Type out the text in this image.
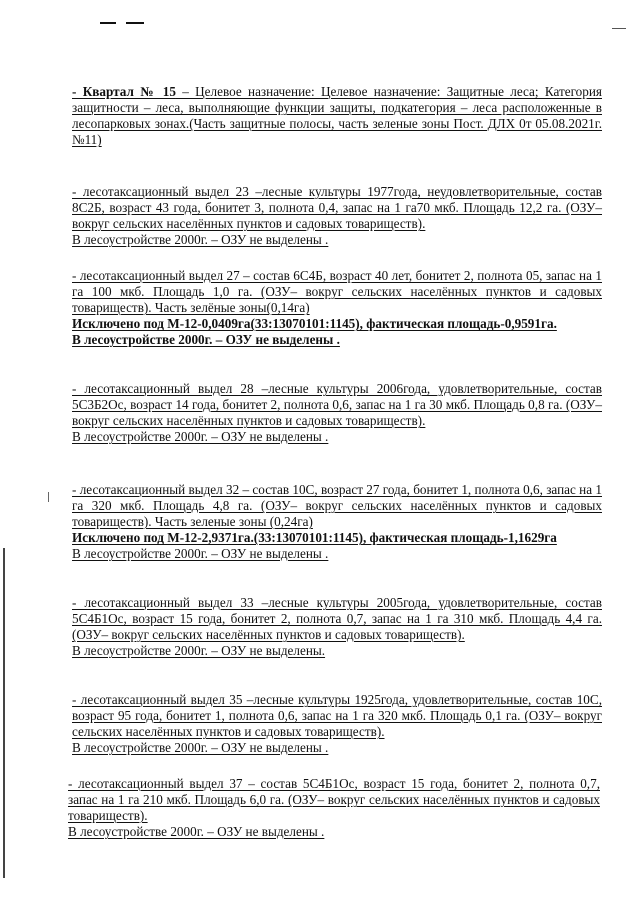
- Квартал № 15 – Целевое назначение: Целевое назначение: Защитные леса; Категория защитности – леса, выполняющие функции защиты, подкатегория – леса расположенные в лесопарковых зонах.(Часть защитные полосы, часть зеленые зоны Пост. ДЛХ 0т 05.08.2021г. №11)

- лесотаксационный выдел 23 –лесные культуры 1977года, неудовлетворительные, состав 8С2Б, возраст 43 года, бонитет 3, полнота 0,4, запас на 1 га70 мкб. Площадь 12,2 га. (ОЗУ– вокруг сельских населённых пунктов и садовых товариществ).

В лесоустройстве 2000г. – ОЗУ не выделены .

- лесотаксационный выдел 27 – состав 6С4Б, возраст 40 лет, бонитет 2, полнота 05, запас на 1 га 100 мкб. Площадь 1,0 га. (ОЗУ– вокруг сельских населённых пунктов и садовых товариществ). Часть зелёные зоны(0,14га)

Исключено под М-12-0,0409га(33:13070101:1145), фактическая площадь-0,9591га.

В лесоустройстве 2000г. – ОЗУ не выделены .

- лесотаксационный выдел 28 –лесные культуры 2006года, удовлетворительные, состав 5С3Б2Ос, возраст 14 года, бонитет 2, полнота 0,6, запас на 1 га 30 мкб. Площадь 0,8 га. (ОЗУ– вокруг сельских населённых пунктов и садовых товариществ).

В лесоустройстве 2000г. – ОЗУ не выделены .

- лесотаксационный выдел 32 – состав 10С, возраст 27 года, бонитет 1, полнота 0,6, запас на 1 га 320 мкб. Площадь 4,8 га. (ОЗУ– вокруг сельских населённых пунктов и садовых товариществ). Часть зеленые зоны (0,24га)

Исключено под М-12-2,9371га.(33:13070101:1145), фактическая площадь-1,1629га

В лесоустройстве 2000г. – ОЗУ не выделены .

- лесотаксационный выдел 33 –лесные культуры 2005года, удовлетворительные, состав 5С4Б1Ос, возраст 15 года, бонитет 2, полнота 0,7, запас на 1 га 310 мкб. Площадь 4,4 га. (ОЗУ– вокруг сельских населённых пунктов и садовых товариществ).

В лесоустройстве 2000г. – ОЗУ не выделены.

- лесотаксационный выдел 35 –лесные культуры 1925года, удовлетворительные, состав 10С, возраст 95 года, бонитет 1, полнота 0,6, запас на 1 га 320 мкб. Площадь 0,1 га. (ОЗУ– вокруг сельских населённых пунктов и садовых товариществ).

В лесоустройстве 2000г. – ОЗУ не выделены .

- лесотаксационный выдел 37 – состав 5С4Б1Ос, возраст 15 года, бонитет 2, полнота 0,7, запас на 1 га 210 мкб. Площадь 6,0 га. (ОЗУ– вокруг сельских населённых пунктов и садовых товариществ).

В лесоустройстве 2000г. – ОЗУ не выделены .
